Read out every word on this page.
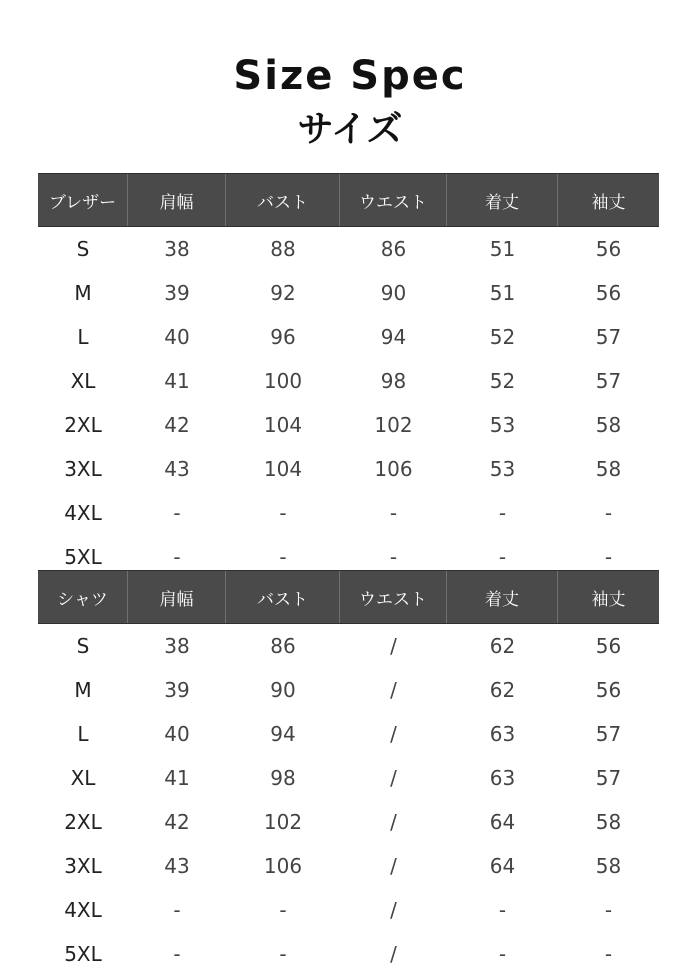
Size Spec
サイズ
ブレザー	肩幅	バスト	ウエスト	着丈	袖丈
S	38	88	86	51	56
M	39	92	90	51	56
L	40	96	94	52	57
XL	41	100	98	52	57
2XL	42	104	102	53	58
3XL	43	104	106	53	58
4XL	-	-	-	-	-
5XL	-	-	-	-	-
シャツ	肩幅	バスト	ウエスト	着丈	袖丈
S	38	86	/	62	56
M	39	90	/	62	56
L	40	94	/	63	57
XL	41	98	/	63	57
2XL	42	102	/	64	58
3XL	43	106	/	64	58
4XL	-	-	/	-	-
5XL	-	-	/	-	-
